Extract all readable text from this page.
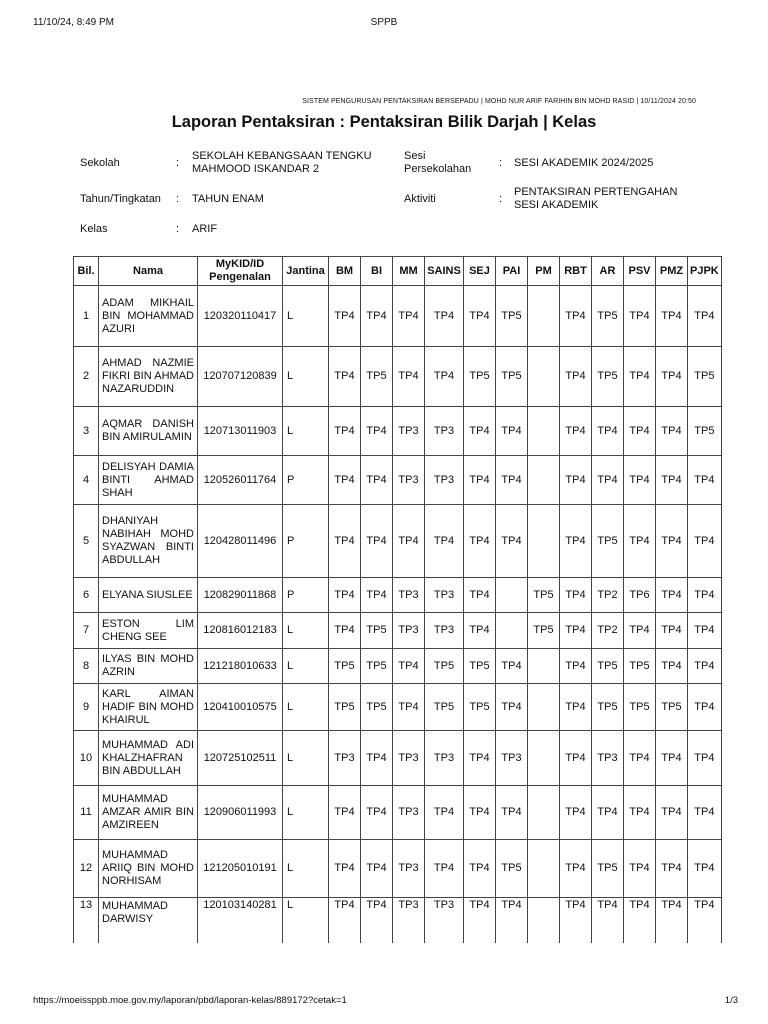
11/10/24, 8:49 PM	SPPB
SISTEM PENGURUSAN PENTAKSIRAN BERSEPADU | MOHD NUR ARIF FARIHIN BIN MOHD RASID | 10/11/2024 20:50
Laporan Pentaksiran : Pentaksiran Bilik Darjah | Kelas
Sekolah	:
SEKOLAH KEBANGSAAN TENGKU MAHMOOD ISKANDAR 2
Sesi Persekolahan	: SESI AKADEMIK 2024/2025
Tahun/Tingkatan : TAHUN ENAM	Aktiviti	:
PENTAKSIRAN PERTENGAHAN SESI AKADEMIK
Kelas	: ARIF
Bil.	Nama	MyKID/ID Pengenalan	Jantina	BM	BI	MM	SAINS	SEJ	PAI	PM	RBT	AR	PSV	PMZ	PJPK
1	ADAM MIKHAIL BIN MOHAMMAD AZURI	120320110417	L	TP4	TP4	TP4	TP4	TP4	TP5		TP4	TP5	TP4	TP4	TP4
2	AHMAD NAZMIE FIKRI BIN AHMAD NAZARUDDIN	120707120839	L	TP4	TP5	TP4	TP4	TP5	TP5		TP4	TP5	TP4	TP4	TP5
3	AQMAR DANISH BIN AMIRULAMIN	120713011903	L	TP4	TP4	TP3	TP3	TP4	TP4		TP4	TP4	TP4	TP4	TP5
4	DELISYAH DAMIA BINTI AHMAD SHAH	120526011764	P	TP4	TP4	TP3	TP3	TP4	TP4		TP4	TP4	TP4	TP4	TP4
5	DHANIYAH NABIHAH MOHD SYAZWAN BINTI ABDULLAH	120428011496	P	TP4	TP4	TP4	TP4	TP4	TP4		TP4	TP5	TP4	TP4	TP4
6	ELYANA SIUSLEE	120829011868	P	TP4	TP4	TP3	TP3	TP4		TP5	TP4	TP2	TP6	TP4	TP4
7	ESTON LIM CHENG SEE	120816012183	L	TP4	TP5	TP3	TP3	TP4		TP5	TP4	TP2	TP4	TP4	TP4
8	ILYAS BIN MOHD AZRIN	121218010633	L	TP5	TP5	TP4	TP5	TP5	TP4		TP4	TP5	TP5	TP4	TP4
9	KARL AIMAN HADIF BIN MOHD KHAIRUL	120410010575	L	TP5	TP5	TP4	TP5	TP5	TP4		TP4	TP5	TP5	TP5	TP4
10	MUHAMMAD ADI KHALZHAFRAN BIN ABDULLAH	120725102511	L	TP3	TP4	TP3	TP3	TP4	TP3		TP4	TP3	TP4	TP4	TP4
11	MUHAMMAD AMZAR AMIR BIN AMZIREEN	120906011993	L	TP4	TP4	TP3	TP4	TP4	TP4		TP4	TP4	TP4	TP4	TP4
12	MUHAMMAD ARIIQ BIN MOHD NORHISAM	121205010191	L	TP4	TP4	TP3	TP4	TP4	TP5		TP4	TP5	TP4	TP4	TP4
13	MUHAMMAD DARWISY	120103140281	L	TP4	TP4	TP3	TP3	TP4	TP4		TP4	TP4	TP4	TP4	TP4
https://moeissppb.moe.gov.my/laporan/pbd/laporan-kelas/889172?cetak=1	1/3
